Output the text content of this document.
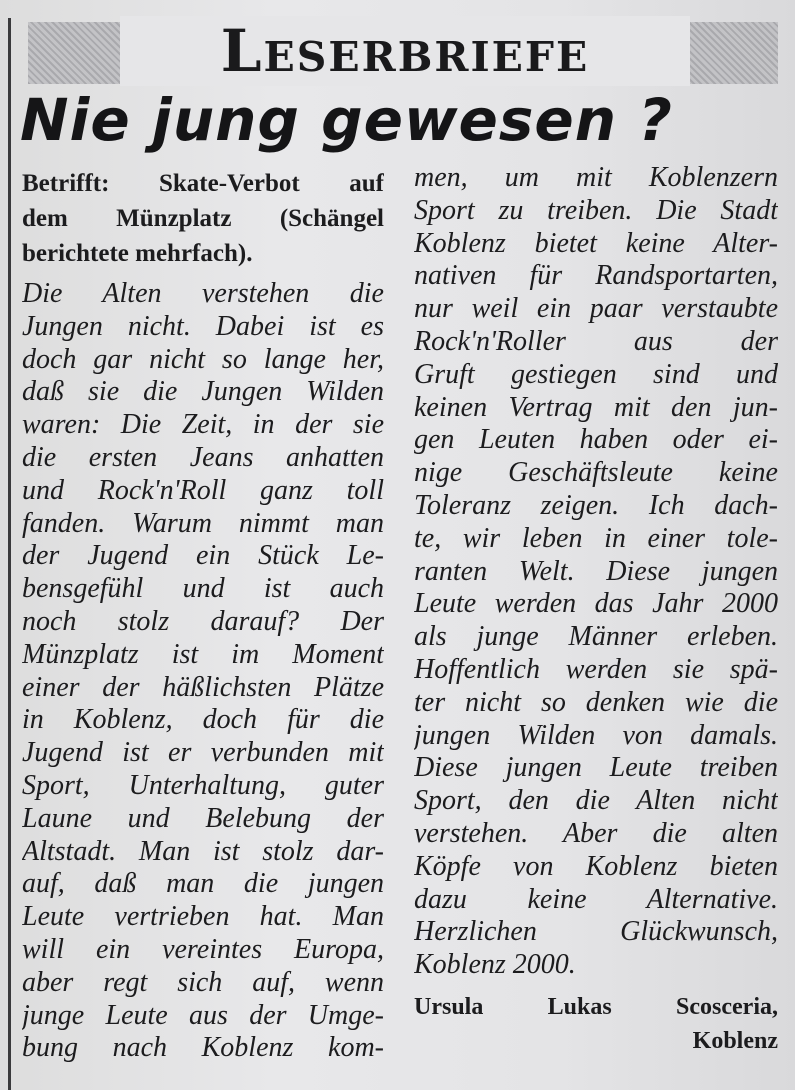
Leserbriefe
Nie jung gewesen ?
Betrifft: Skate-Verbot auf
dem Münzplatz (Schängel
berichtete mehrfach).
Die Alten verstehen die
Jungen nicht. Dabei ist es
doch gar nicht so lange her,
daß sie die Jungen Wilden
waren: Die Zeit, in der sie
die ersten Jeans anhatten
und Rock'n'Roll ganz toll
fanden. Warum nimmt man
der Jugend ein Stück Le-
bensgefühl und ist auch
noch stolz darauf? Der
Münzplatz ist im Moment
einer der häßlichsten Plätze
in Koblenz, doch für die
Jugend ist er verbunden mit
Sport, Unterhaltung, guter
Laune und Belebung der
Altstadt. Man ist stolz dar-
auf, daß man die jungen
Leute vertrieben hat. Man
will ein vereintes Europa,
aber regt sich auf, wenn
junge Leute aus der Umge-
bung nach Koblenz kom-
men, um mit Koblenzern
Sport zu treiben. Die Stadt
Koblenz bietet keine Alter-
nativen für Randsportarten,
nur weil ein paar verstaubte
Rock'n'Roller aus der
Gruft gestiegen sind und
keinen Vertrag mit den jun-
gen Leuten haben oder ei-
nige Geschäftsleute keine
Toleranz zeigen. Ich dach-
te, wir leben in einer tole-
ranten Welt. Diese jungen
Leute werden das Jahr 2000
als junge Männer erleben.
Hoffentlich werden sie spä-
ter nicht so denken wie die
jungen Wilden von damals.
Diese jungen Leute treiben
Sport, den die Alten nicht
verstehen. Aber die alten
Köpfe von Koblenz bieten
dazu keine Alternative.
Herzlichen Glückwunsch,
Koblenz 2000.
Ursula Lukas Scosceria,
Koblenz
